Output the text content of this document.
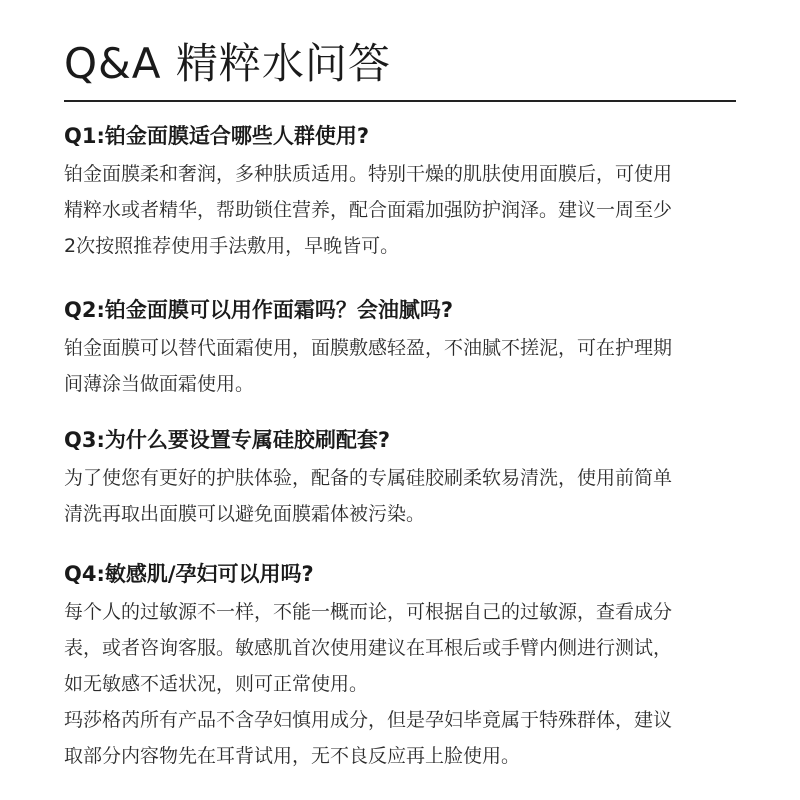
Q&A 精粹水问答
Q1:铂金面膜适合哪些人群使用?
铂金面膜柔和奢润，多种肤质适用。特别干燥的肌肤使用面膜后，可使用
精粹水或者精华，帮助锁住营养，配合面霜加强防护润泽。建议一周至少
2次按照推荐使用手法敷用，早晚皆可。
Q2:铂金面膜可以用作面霜吗？会油腻吗?
铂金面膜可以替代面霜使用，面膜敷感轻盈，不油腻不搓泥，可在护理期
间薄涂当做面霜使用。
Q3:为什么要设置专属硅胶刷配套?
为了使您有更好的护肤体验，配备的专属硅胶刷柔软易清洗，使用前简单
清洗再取出面膜可以避免面膜霜体被污染。
Q4:敏感肌/孕妇可以用吗?
每个人的过敏源不一样，不能一概而论，可根据自己的过敏源，查看成分
表，或者咨询客服。敏感肌首次使用建议在耳根后或手臂内侧进行测试，
如无敏感不适状况，则可正常使用。
玛莎格芮所有产品不含孕妇慎用成分，但是孕妇毕竟属于特殊群体，建议
取部分内容物先在耳背试用，无不良反应再上脸使用。
